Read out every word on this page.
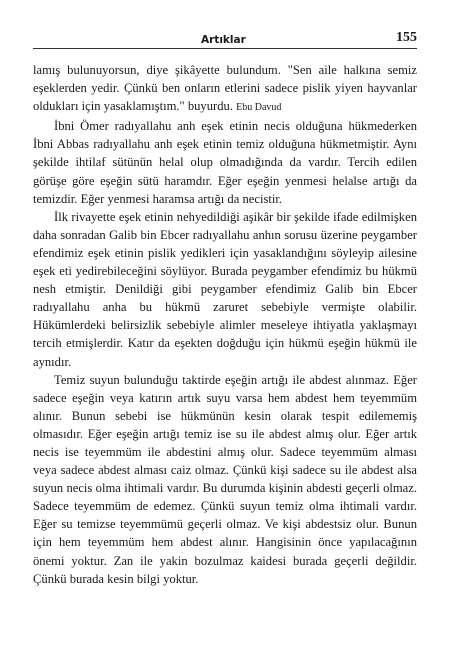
Artıklar	155

lamış bulunuyorsun, diye şikâyette bulundum. "Sen aile halkına semiz eşeklerden yedir. Çünkü ben onların etlerini sadece pislik yiyen hayvanlar oldukları için yasaklamıştım." buyurdu. Ebu Davud

İbni Ömer radıyallahu anh eşek etinin necis olduğuna hükmederken İbni Abbas radıyallahu anh eşek etinin temiz olduğuna hükmetmiştir. Aynı şekilde ihtilaf sütünün helal olup olmadığında da vardır. Tercih edilen görüşe göre eşeğin sütü haramdır. Eğer eşeğin yenmesi helalse artığı da temizdir. Eğer yenmesi haramsa artığı da necistir.

İlk rivayette eşek etinin nehyedildiği aşikâr bir şekilde ifade edilmişken daha sonradan Galib bin Ebcer radıyallahu anhın sorusu üzerine peygamber efendimiz eşek etinin pislik yedikleri için yasaklandığını söyleyip ailesine eşek eti yedirebileceğini söylüyor. Burada peygamber efendimiz bu hükmü nesh etmiştir. Denildiği gibi peygamber efendimiz Galib bin Ebcer radıyallahu anha bu hükmü zaruret sebebiyle vermişte olabilir. Hükümlerdeki belirsizlik sebebiyle alimler meseleye ihtiyatla yaklaşmayı tercih etmişlerdir. Katır da eşekten doğduğu için hükmü eşeğin hükmü ile aynıdır.

Temiz suyun bulunduğu taktirde eşeğin artığı ile abdest alınmaz. Eğer sadece eşeğin veya katırın artık suyu varsa hem abdest hem teyemmüm alınır. Bunun sebebi ise hükmünün kesin olarak tespit edilememiş olmasıdır. Eğer eşeğin artığı temiz ise su ile abdest almış olur. Eğer artık necis ise teyemmüm ile abdestini almış olur. Sadece teyemmüm alması veya sadece abdest alması caiz olmaz. Çünkü kişi sadece su ile abdest alsa suyun necis olma ihtimali vardır. Bu durumda kişinin abdesti geçerli olmaz. Sadece teyemmüm de edemez. Çünkü suyun temiz olma ihtimali vardır. Eğer su temizse teyemmümü geçerli olmaz. Ve kişi abdestsiz olur. Bunun için hem teyemmüm hem abdest alınır. Hangisinin önce yapılacağının önemi yoktur. Zan ile yakin bozulmaz kaidesi burada geçerli değildir. Çünkü burada kesin bilgi yoktur.
